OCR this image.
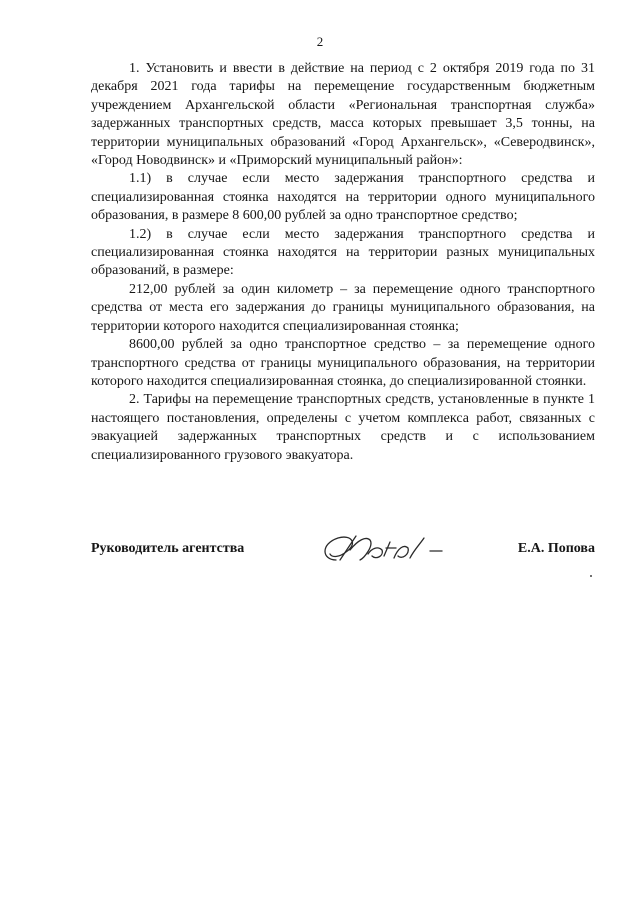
2

1. Установить и ввести в действие на период с 2 октября 2019 года по 31 декабря 2021 года тарифы на перемещение государственным бюджетным учреждением Архангельской области «Региональная транспортная служба» задержанных транспортных средств, масса которых превышает 3,5 тонны, на территории муниципальных образований «Город Архангельск», «Северодвинск», «Город Новодвинск» и «Приморский муниципальный район»:

1.1) в случае если место задержания транспортного средства и специализированная стоянка находятся на территории одного муниципального образования, в размере 8 600,00 рублей за одно транспортное средство;

1.2) в случае если место задержания транспортного средства и специализированная стоянка находятся на территории разных муниципальных образований, в размере:

212,00 рублей за один километр – за перемещение одного транспортного средства от места его задержания до границы муниципального образования, на территории которого находится специализированная стоянка;

8600,00 рублей за одно транспортное средство – за перемещение одного транспортного средства от границы муниципального образования, на территории которого находится специализированная стоянка, до специализированной стоянки.

2. Тарифы на перемещение транспортных средств, установленные в пункте 1 настоящего постановления, определены с учетом комплекса работ, связанных с эвакуацией задержанных транспортных средств и с использованием специализированного грузового эвакуатора.

Руководитель агентства	Е.А. Попова
